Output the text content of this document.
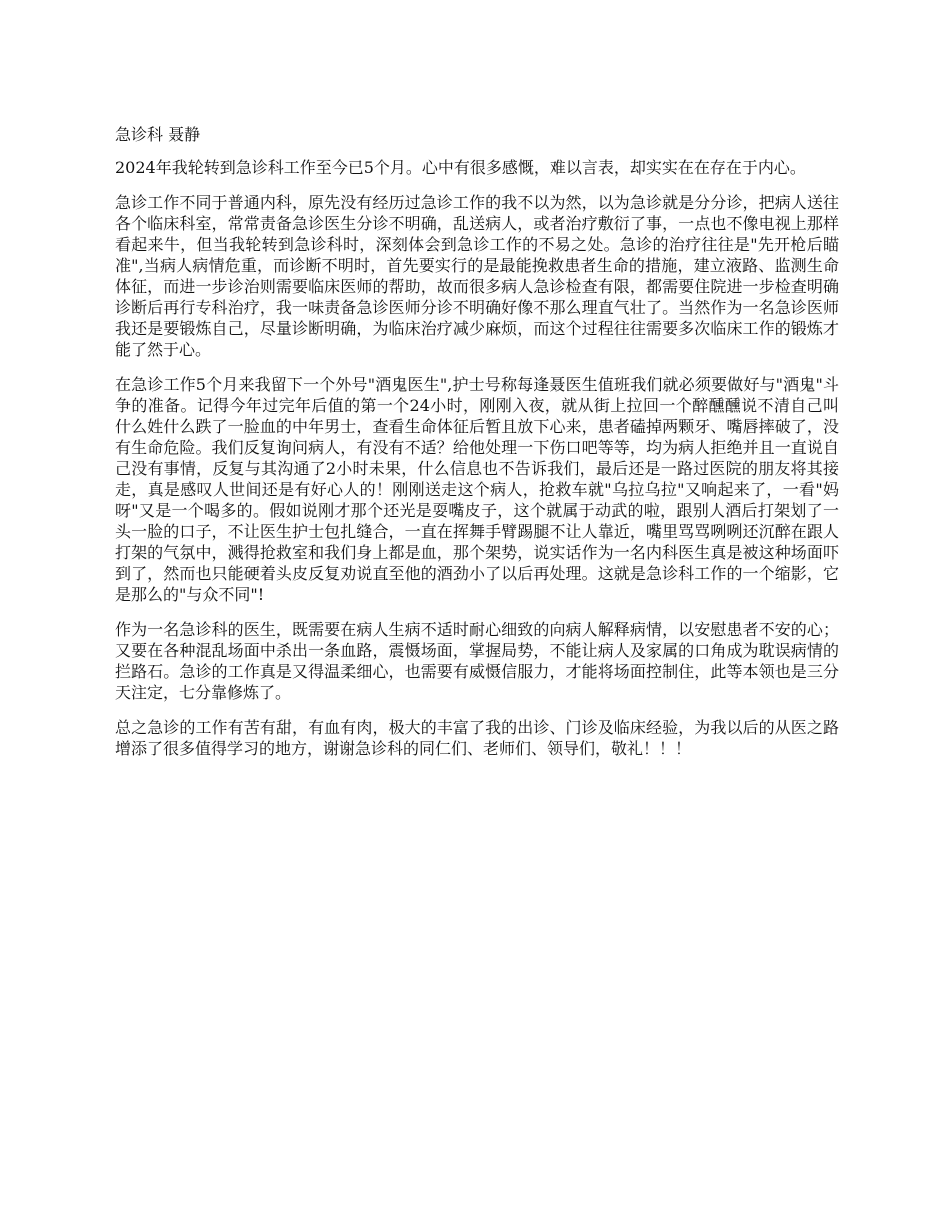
急诊科 聂静

2024年我轮转到急诊科工作至今已5个月。心中有很多感慨，难以言表，却实实在在存在于内心。

急诊工作不同于普通内科，原先没有经历过急诊工作的我不以为然，以为急诊就是分分诊，把病人送往各个临床科室，常常责备急诊医生分诊不明确，乱送病人，或者治疗敷衍了事，一点也不像电视上那样看起来牛，但当我轮转到急诊科时，深刻体会到急诊工作的不易之处。急诊的治疗往往是"先开枪后瞄准",当病人病情危重，而诊断不明时，首先要实行的是最能挽救患者生命的措施，建立液路、监测生命体征，而进一步诊治则需要临床医师的帮助，故而很多病人急诊检查有限，都需要住院进一步检查明确诊断后再行专科治疗，我一味责备急诊医师分诊不明确好像不那么理直气壮了。当然作为一名急诊医师我还是要锻炼自己，尽量诊断明确，为临床治疗减少麻烦，而这个过程往往需要多次临床工作的锻炼才能了然于心。

在急诊工作5个月来我留下一个外号"酒鬼医生",护士号称每逢聂医生值班我们就必须要做好与"酒鬼"斗争的准备。记得今年过完年后值的第一个24小时，刚刚入夜，就从街上拉回一个醉醺醺说不清自己叫什么姓什么跌了一脸血的中年男士，查看生命体征后暂且放下心来，患者磕掉两颗牙、嘴唇摔破了，没有生命危险。我们反复询问病人，有没有不适？给他处理一下伤口吧等等，均为病人拒绝并且一直说自己没有事情，反复与其沟通了2小时未果，什么信息也不告诉我们，最后还是一路过医院的朋友将其接走，真是感叹人世间还是有好心人的！刚刚送走这个病人，抢救车就"乌拉乌拉"又响起来了，一看"妈呀"又是一个喝多的。假如说刚才那个还光是耍嘴皮子，这个就属于动武的啦，跟别人酒后打架划了一头一脸的口子，不让医生护士包扎缝合，一直在挥舞手臂踢腿不让人靠近，嘴里骂骂咧咧还沉醉在跟人打架的气氛中，溅得抢救室和我们身上都是血，那个架势，说实话作为一名内科医生真是被这种场面吓到了，然而也只能硬着头皮反复劝说直至他的酒劲小了以后再处理。这就是急诊科工作的一个缩影，它是那么的"与众不同"!

作为一名急诊科的医生，既需要在病人生病不适时耐心细致的向病人解释病情，以安慰患者不安的心；又要在各种混乱场面中杀出一条血路，震慑场面，掌握局势，不能让病人及家属的口角成为耽误病情的拦路石。急诊的工作真是又得温柔细心，也需要有威慑信服力，才能将场面控制住，此等本领也是三分天注定，七分靠修炼了。

总之急诊的工作有苦有甜，有血有肉，极大的丰富了我的出诊、门诊及临床经验，为我以后的从医之路增添了很多值得学习的地方，谢谢急诊科的同仁们、老师们、领导们，敬礼！！！
